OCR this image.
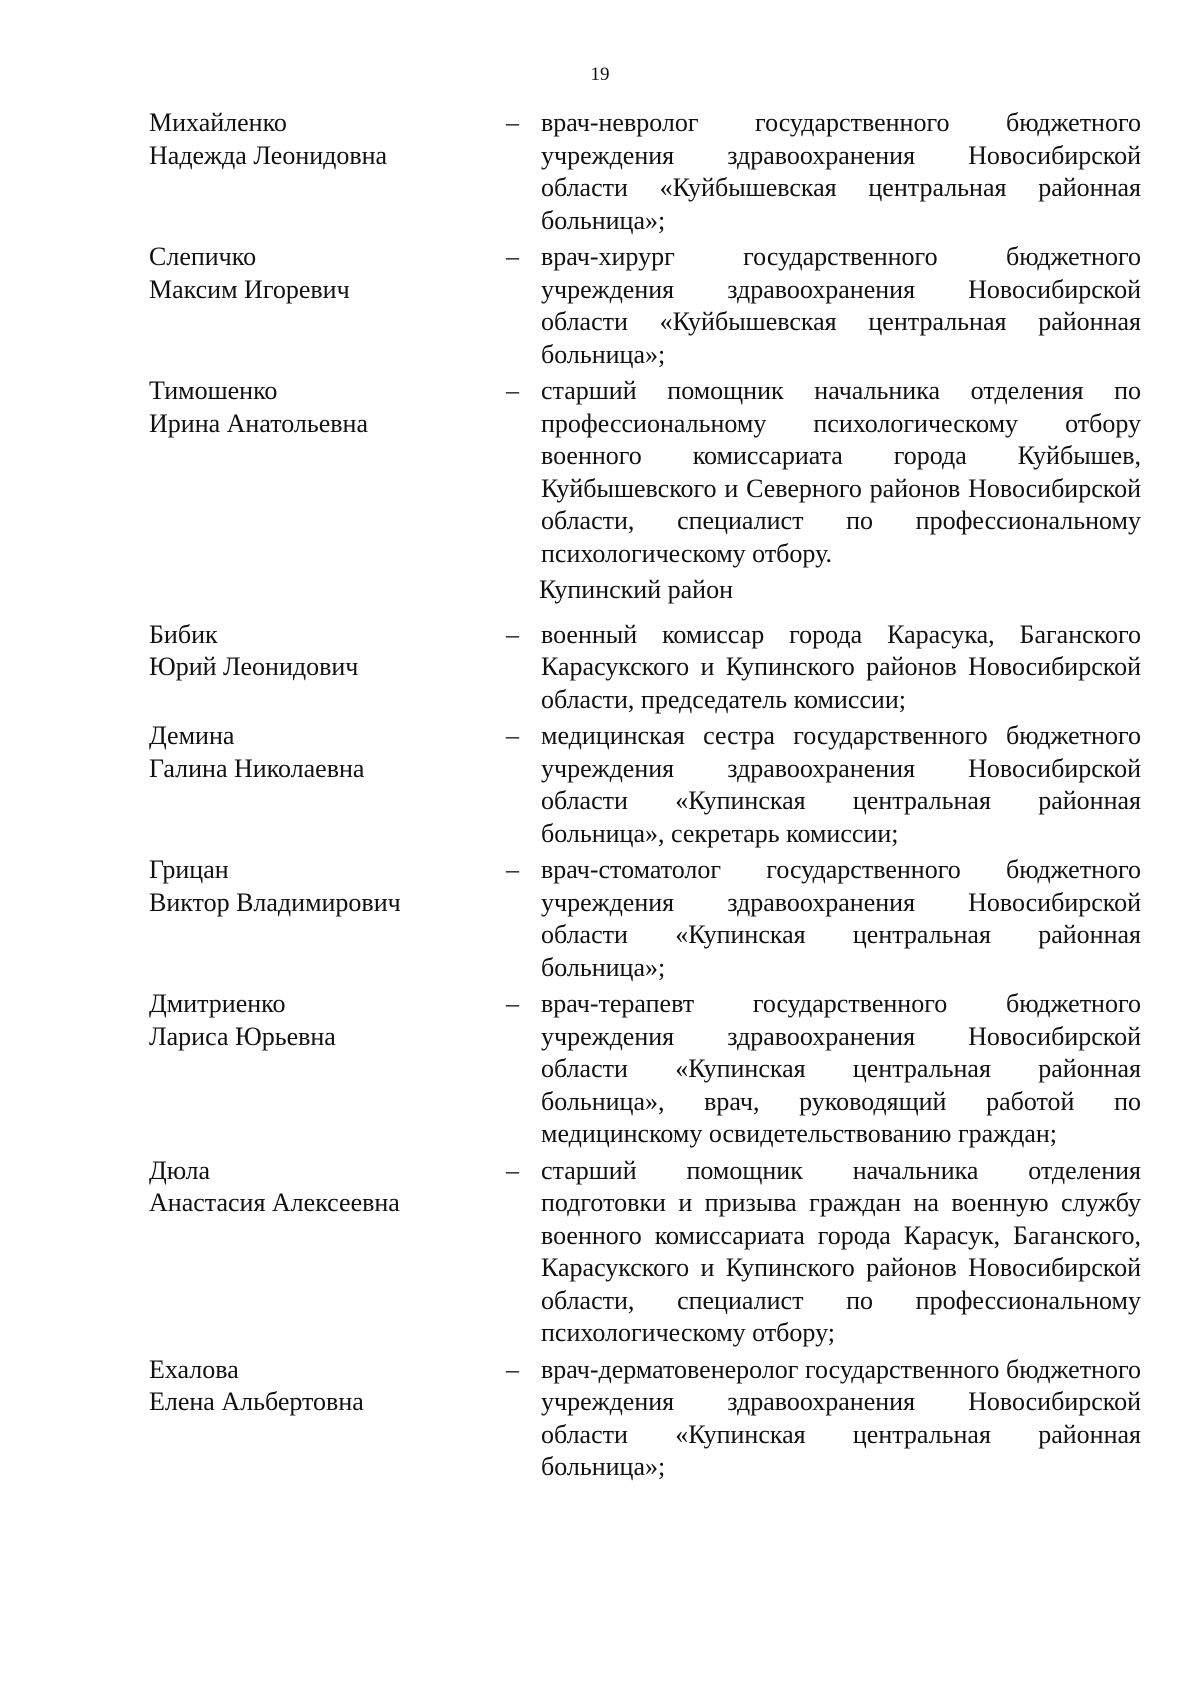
19
Михайленко
Надежда Леонидовна
– врач-невролог государственного бюджетного учреждения здравоохранения Новосибирской области «Куйбышевская центральная районная больница»;
Слепичко
Максим Игоревич
– врач-хирург государственного бюджетного учреждения здравоохранения Новосибирской области «Куйбышевская центральная районная больница»;
Тимошенко
Ирина Анатольевна
– старший помощник начальника отделения по профессиональному психологическому отбору военного комиссариата города Куйбышев, Куйбышевского и Северного районов Новосибирской области, специалист по профессиональному психологическому отбору.
Купинский район
Бибик
Юрий Леонидович
– военный комиссар города Карасука, Баганского Карасукского и Купинского районов Новосибирской области, председатель комиссии;
Демина
Галина Николаевна
– медицинская сестра государственного бюджетного учреждения здравоохранения Новосибирской области «Купинская центральная районная больница», секретарь комиссии;
Грицан
Виктор Владимирович
– врач-стоматолог государственного бюджетного учреждения здравоохранения Новосибирской области «Купинская центральная районная больница»;
Дмитриенко
Лариса Юрьевна
– врач-терапевт государственного бюджетного учреждения здравоохранения Новосибирской области «Купинская центральная районная больница», врач, руководящий работой по медицинскому освидетельствованию граждан;
Дюла
Анастасия Алексеевна
– старший помощник начальника отделения подготовки и призыва граждан на военную службу военного комиссариата города Карасук, Баганского, Карасукского и Купинского районов Новосибирской области, специалист по профессиональному психологическому отбору;
Ехалова
Елена Альбертовна
– врач-дерматовенеролог государственного бюджетного учреждения здравоохранения Новосибирской области «Купинская центральная районная больница»;
